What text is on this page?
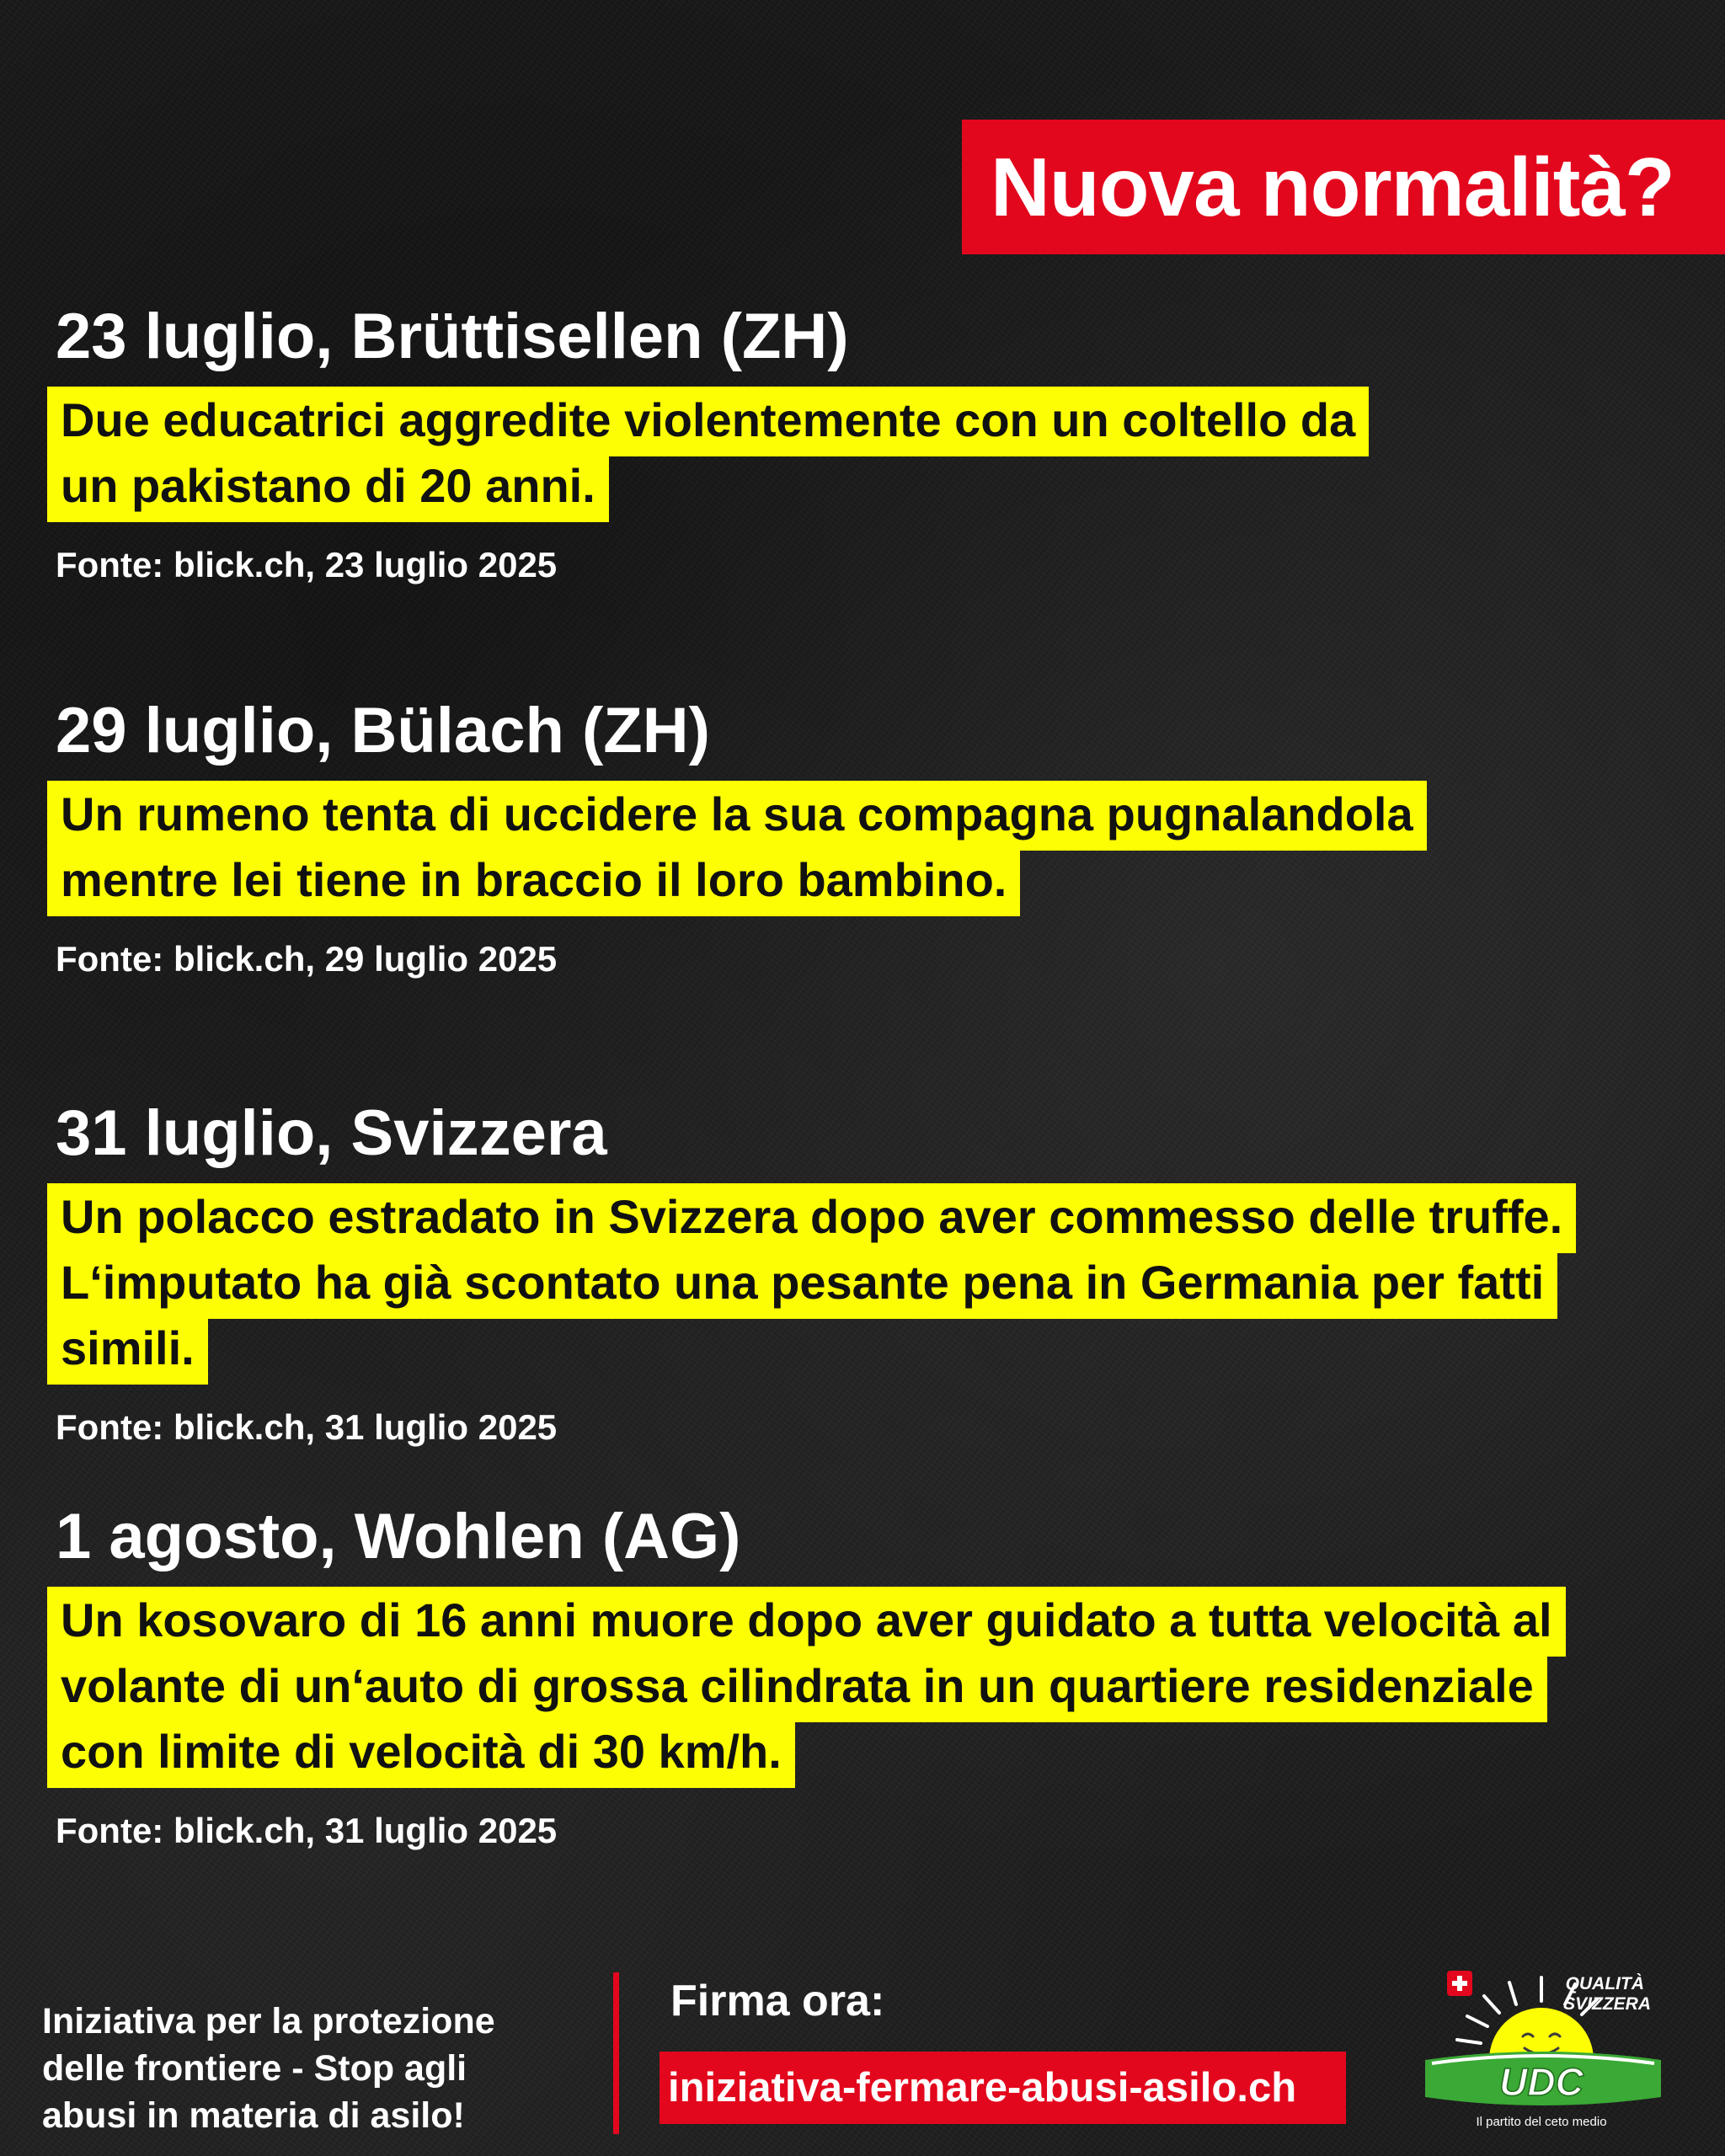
Nuova normalità?
23 luglio, Brüttisellen (ZH)
Due educatrici aggredite violentemente con un coltello da
un pakistano di 20 anni.
Fonte: blick.ch, 23 luglio 2025
29 luglio, Bülach (ZH)
Un rumeno tenta di uccidere la sua compagna pugnalandola
mentre lei tiene in braccio il loro bambino.
Fonte: blick.ch, 29 luglio 2025
31 luglio, Svizzera
Un polacco estradato in Svizzera dopo aver commesso delle truffe.
L‘imputato ha già scontato una pesante pena in Germania per fatti simili.
Fonte: blick.ch, 31 luglio 2025
1 agosto, Wohlen (AG)
Un kosovaro di 16 anni muore dopo aver guidato a tutta velocità al
volante di un‘auto di grossa cilindrata in un quartiere residenziale
con limite di velocità di 30 km/h.
Fonte: blick.ch, 31 luglio 2025
Iniziativa per la protezione
delle frontiere - Stop agli
abusi in materia di asilo!
Firma ora:
iniziativa-fermare-abusi-asilo.ch	UDC
QUALITÀ
SVIZZERA
Il partito del ceto medio
